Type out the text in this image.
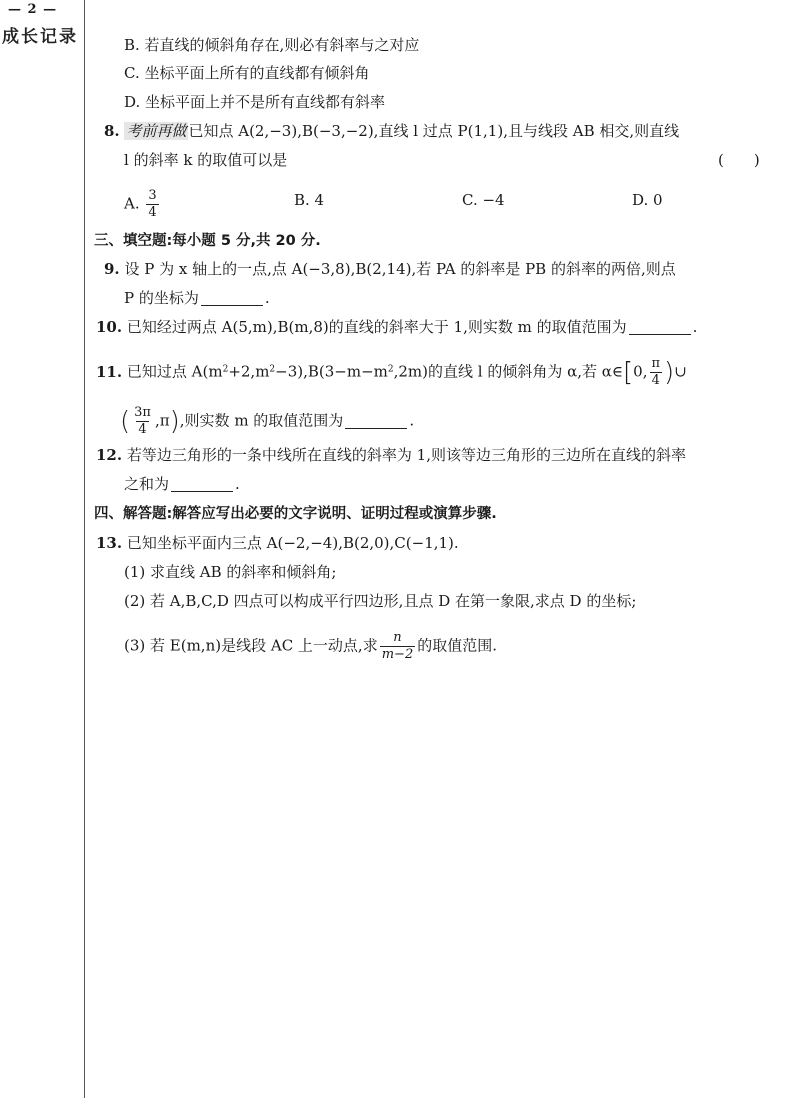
— 2 —
成长记录	B. 若直线的倾斜角存在,则必有斜率与之对应
C. 坐标平面上所有的直线都有倾斜角
D. 坐标平面上并不是所有直线都有斜率
8. 考前再做 已知点 A(2,−3),B(−3,−2),直线 l 过点 P(1,1),且与线段 AB 相交,则直线
l 的斜率 k 的取值可以是	(　　)
A. $\frac{3}{4}$	B. 4	C. −4	D. 0
三、填空题:每小题 5 分,共 20 分.
9. 设 P 为 x 轴上的一点,点 A(−3,8),B(2,14),若 PA 的斜率是 PB 的斜率的两倍,则点
P 的坐标为	.
10. 已知经过两点 A(5,m),B(m,8)的直线的斜率大于 1,则实数 m 的取值范围为	.
11. 已知过点 $A(m^2+2,m^2-3),B(3-m-m^2,2m)$的直线 l 的倾斜角为 α,若 α∈[0, $\frac{\pi}{4}$ )∪
( $\frac{3\pi}{4} ,\pi$),则实数 m 的取值范围为	.
12. 若等边三角形的一条中线所在直线的斜率为 1,则该等边三角形的三边所在直线的斜率
之和为	.
四、解答题:解答应写出必要的文字说明、证明过程或演算步骤.
13. 已知坐标平面内三点 A(−2,−4),B(2,0),C(−1,1).
(1) 求直线 AB 的斜率和倾斜角;
(2) 若 A,B,C,D 四点可以构成平行四边形,且点 D 在第一象限,求点 D 的坐标;
(3) 若 E(m,n)是线段 AC 上一动点,求 $\frac{n}{m-2}$ 的取值范围.
